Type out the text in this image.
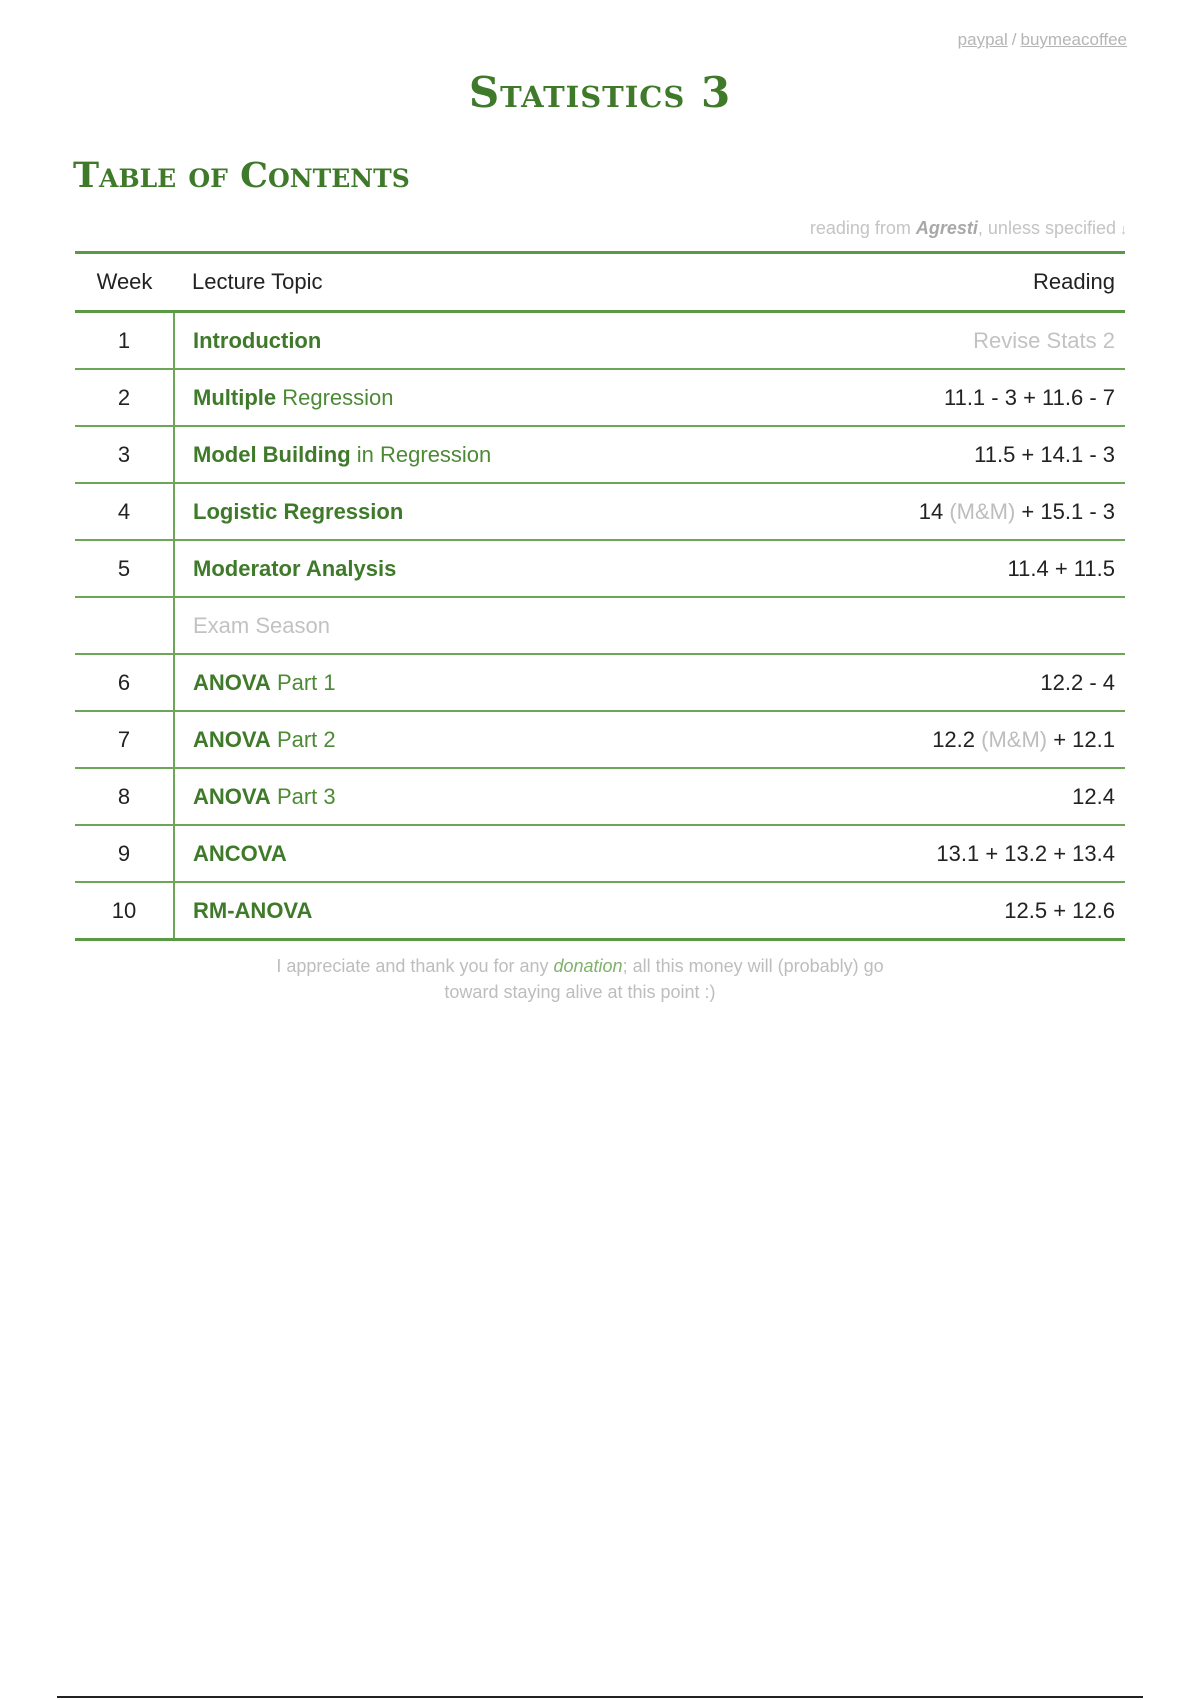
paypal / buymeacoffee
Statistics 3
Table of Contents
reading from Agresti, unless specified ↓
Week	Lecture Topic	Reading
1	Introduction	Revise Stats 2
2	Multiple Regression	11.1 - 3 + 11.6 - 7
3	Model Building in Regression	11.5 + 14.1 - 3
4	Logistic Regression	14 (M&M) + 15.1 - 3
5	Moderator Analysis	11.4 + 11.5
	Exam Season	
6	ANOVA Part 1	12.2 - 4
7	ANOVA Part 2	12.2 (M&M) + 12.1
8	ANOVA Part 3	12.4
9	ANCOVA	13.1 + 13.2 + 13.4
10	RM-ANOVA	12.5 + 12.6
I appreciate and thank you for any donation; all this money will (probably) go
toward staying alive at this point :)
